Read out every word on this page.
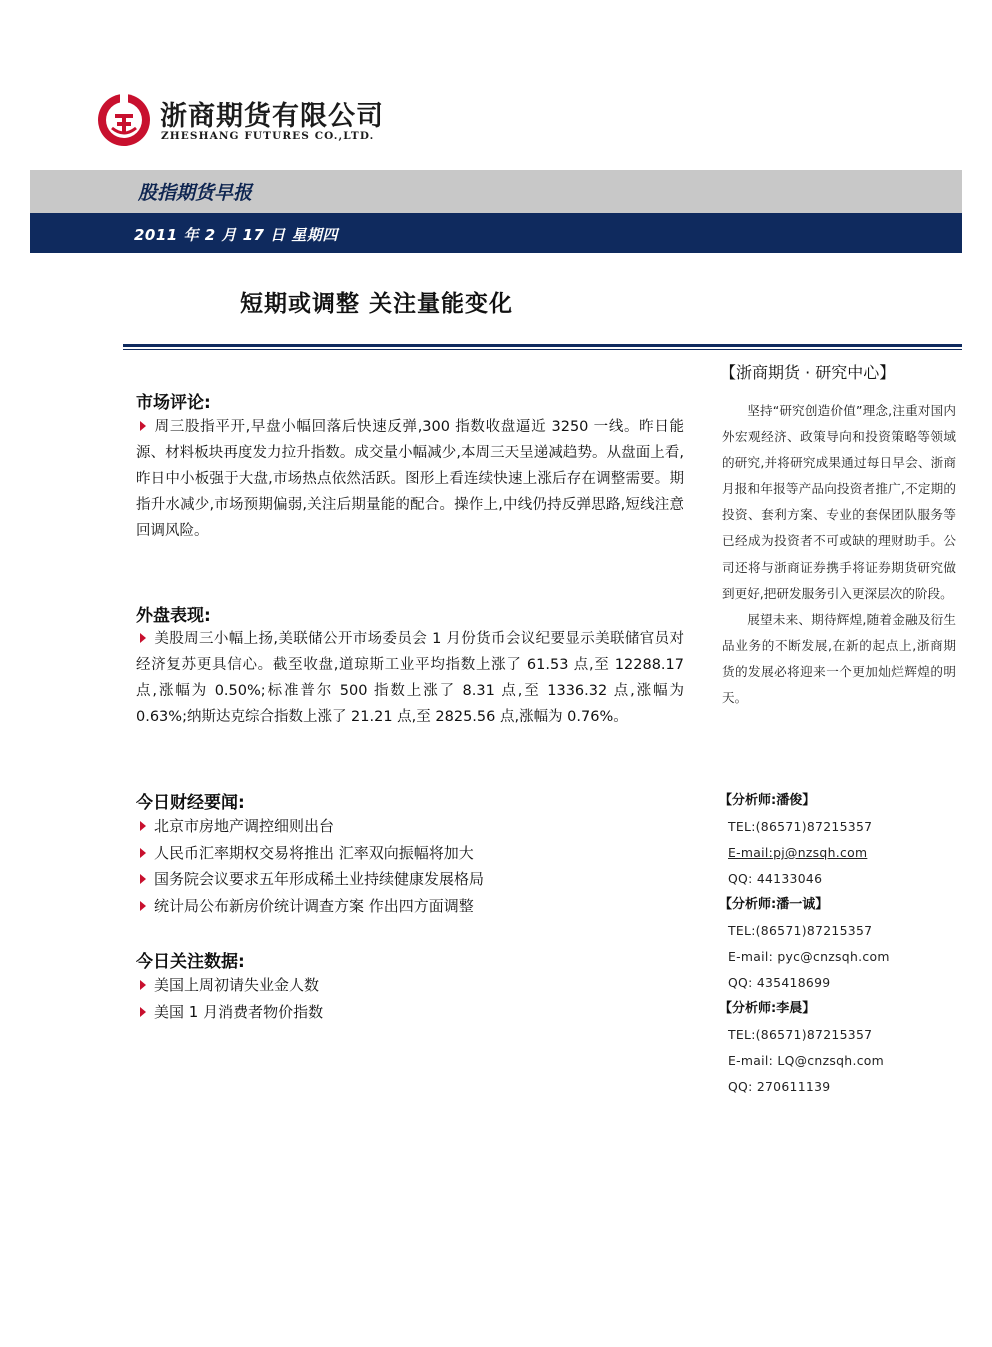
浙商期货有限公司
ZHESHANG FUTURES CO.,LTD.
股指期货早报
2011 年 2 月 17 日 星期四
短期或调整 关注量能变化
市场评论:
周三股指平开,早盘小幅回落后快速反弹,300 指数收盘逼近 3250 一线。昨日能源、材料板块再度发力拉升指数。成交量小幅减少,本周三天呈递减趋势。从盘面上看,昨日中小板强于大盘,市场热点依然活跃。图形上看连续快速上涨后存在调整需要。期指升水减少,市场预期偏弱,关注后期量能的配合。操作上,中线仍持反弹思路,短线注意回调风险。
外盘表现:
美股周三小幅上扬,美联储公开市场委员会 1 月份货币会议纪要显示美联储官员对经济复苏更具信心。截至收盘,道琼斯工业平均指数上涨了 61.53 点,至 12288.17 点,涨幅为 0.50%;标准普尔 500 指数上涨了 8.31 点,至 1336.32 点,涨幅为 0.63%;纳斯达克综合指数上涨了 21.21 点,至 2825.56 点,涨幅为 0.76%。
今日财经要闻:
北京市房地产调控细则出台
人民币汇率期权交易将推出 汇率双向振幅将加大
国务院会议要求五年形成稀土业持续健康发展格局
统计局公布新房价统计调查方案 作出四方面调整
今日关注数据:
美国上周初请失业金人数
美国 1 月消费者物价指数
【浙商期货 · 研究中心】

坚持“研究创造价值”理念,注重对国内外宏观经济、政策导向和投资策略等领域的研究,并将研究成果通过每日早会、浙商月报和年报等产品向投资者推广,不定期的投资、套利方案、专业的套保团队服务等已经成为投资者不可或缺的理财助手。公司还将与浙商证券携手将证券期货研究做到更好,把研发服务引入更深层次的阶段。

展望未来、期待辉煌,随着金融及衍生品业务的不断发展,在新的起点上,浙商期货的发展必将迎来一个更加灿烂辉煌的明天。

【分析师:潘俊】
TEL:(86571)87215357
E-mail:pj@nzsqh.com
QQ: 44133046
【分析师:潘一诚】
TEL:(86571)87215357
E-mail: pyc@cnzsqh.com
QQ: 435418699
【分析师:李晨】
TEL:(86571)87215357
E-mail: LQ@cnzsqh.com
QQ: 270611139
